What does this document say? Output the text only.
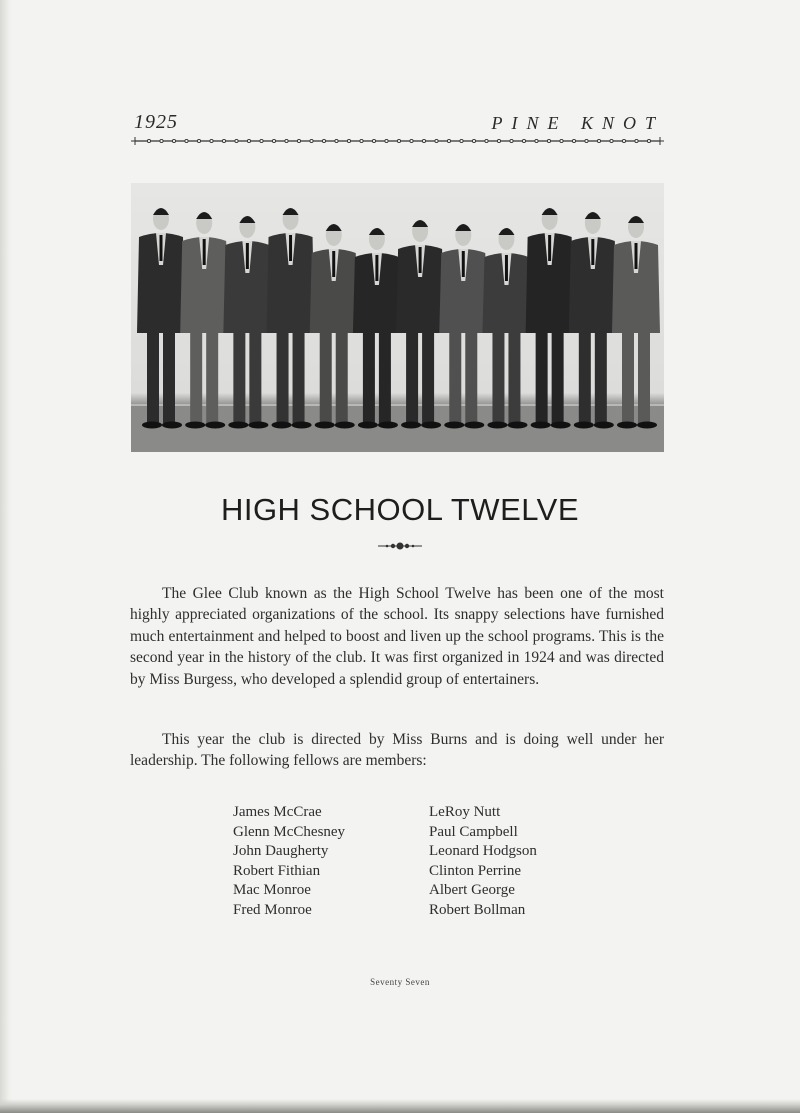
1925	PINE KNOT
HIGH SCHOOL TWELVE

The Glee Club known as the High School Twelve has been one of the most highly appreciated organizations of the school. Its snappy selections have furnished much entertainment and helped to boost and liven up the school programs. This is the second year in the history of the club. It was first organized in 1924 and was directed by Miss Burgess, who developed a splendid group of entertainers.

This year the club is directed by Miss Burns and is doing well under her leadership. The following fellows are members:

James McCrae
Glenn McChesney
John Daugherty
Robert Fithian
Mac Monroe
Fred Monroe
LeRoy Nutt
Paul Campbell
Leonard Hodgson
Clinton Perrine
Albert George
Robert Bollman
Seventy Seven
